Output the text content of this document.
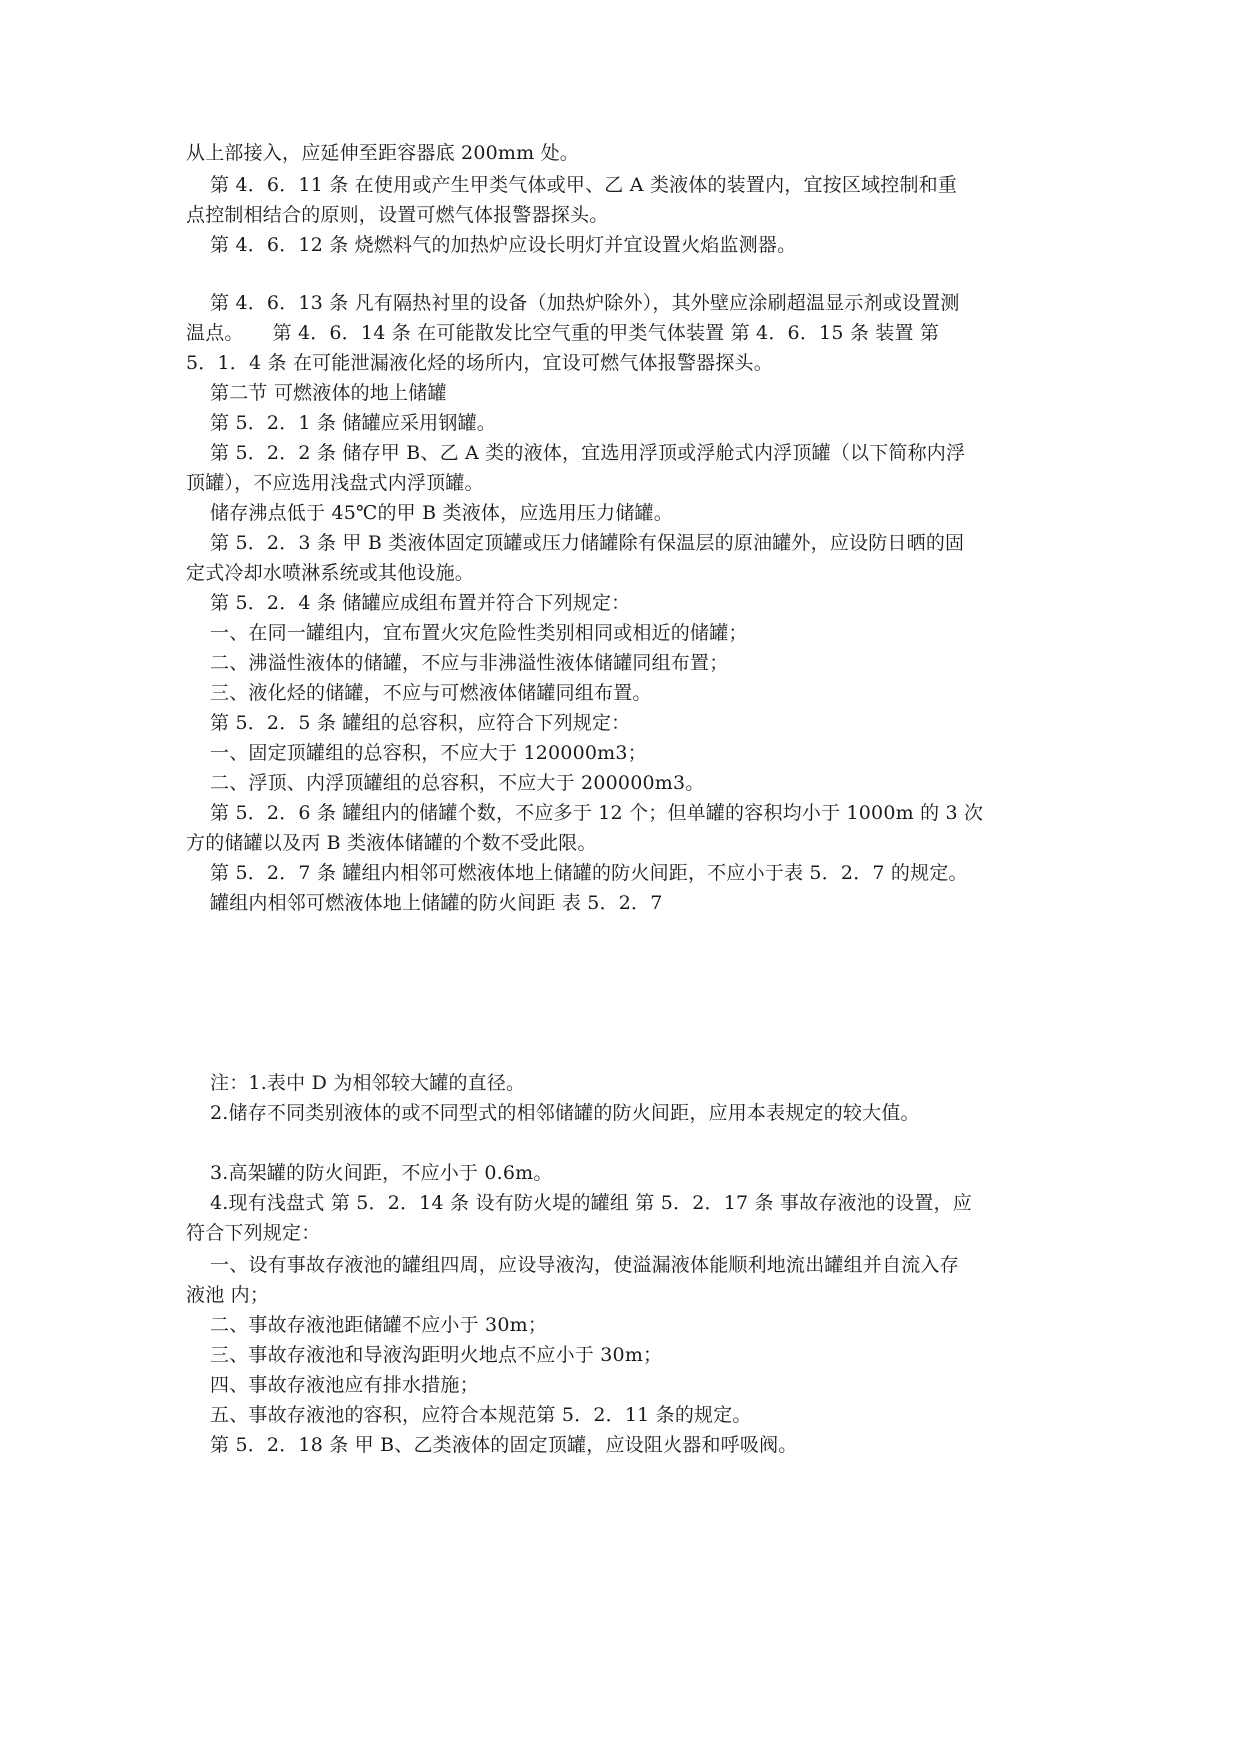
从上部接入，应延伸至距容器底 200mm 处。
第 4．6．11 条 在使用或产生甲类气体或甲、乙 A 类液体的装置内，宜按区域控制和重
点控制相结合的原则，设置可燃气体报警器探头。
第 4．6．12 条 烧燃料气的加热炉应设长明灯并宜设置火焰监测器。
第 4．6．13 条 凡有隔热衬里的设备（加热炉除外），其外壁应涂刷超温显示剂或设置测
温点。　　第 4．6．14 条 在可能散发比空气重的甲类气体装置 第 4．6．15 条 装置 第
5．1．4 条 在可能泄漏液化烃的场所内，宜设可燃气体报警器探头。
第二节 可燃液体的地上储罐
第 5．2．1 条 储罐应采用钢罐。
第 5．2．2 条 储存甲 B、乙 A 类的液体，宜选用浮顶或浮舱式内浮顶罐（以下简称内浮
顶罐），不应选用浅盘式内浮顶罐。
储存沸点低于 45℃的甲 B 类液体，应选用压力储罐。
第 5．2．3 条 甲 B 类液体固定顶罐或压力储罐除有保温层的原油罐外，应设防日晒的固
定式冷却水喷淋系统或其他设施。
第 5．2．4 条 储罐应成组布置并符合下列规定：
一、在同一罐组内，宜布置火灾危险性类别相同或相近的储罐；
二、沸溢性液体的储罐，不应与非沸溢性液体储罐同组布置；
三、液化烃的储罐，不应与可燃液体储罐同组布置。
第 5．2．5 条 罐组的总容积，应符合下列规定：
一、固定顶罐组的总容积，不应大于 120000m3；
二、浮顶、内浮顶罐组的总容积，不应大于 200000m3。
第 5．2．6 条 罐组内的储罐个数，不应多于 12 个；但单罐的容积均小于 1000m 的 3 次
方的储罐以及丙 B 类液体储罐的个数不受此限。
第 5．2．7 条 罐组内相邻可燃液体地上储罐的防火间距，不应小于表 5．2．7 的规定。
罐组内相邻可燃液体地上储罐的防火间距 表 5．2．7
注：1.表中 D 为相邻较大罐的直径。
2.储存不同类别液体的或不同型式的相邻储罐的防火间距，应用本表规定的较大值。
3.高架罐的防火间距，不应小于 0.6m。
4.现有浅盘式 第 5．2．14 条 设有防火堤的罐组 第 5．2．17 条 事故存液池的设置，应
符合下列规定：
一、设有事故存液池的罐组四周，应设导液沟，使溢漏液体能顺利地流出罐组并自流入存
液池 内；
二、事故存液池距储罐不应小于 30m；
三、事故存液池和导液沟距明火地点不应小于 30m；
四、事故存液池应有排水措施；
五、事故存液池的容积，应符合本规范第 5．2．11 条的规定。
第 5．2．18 条 甲 B、乙类液体的固定顶罐，应设阻火器和呼吸阀。
